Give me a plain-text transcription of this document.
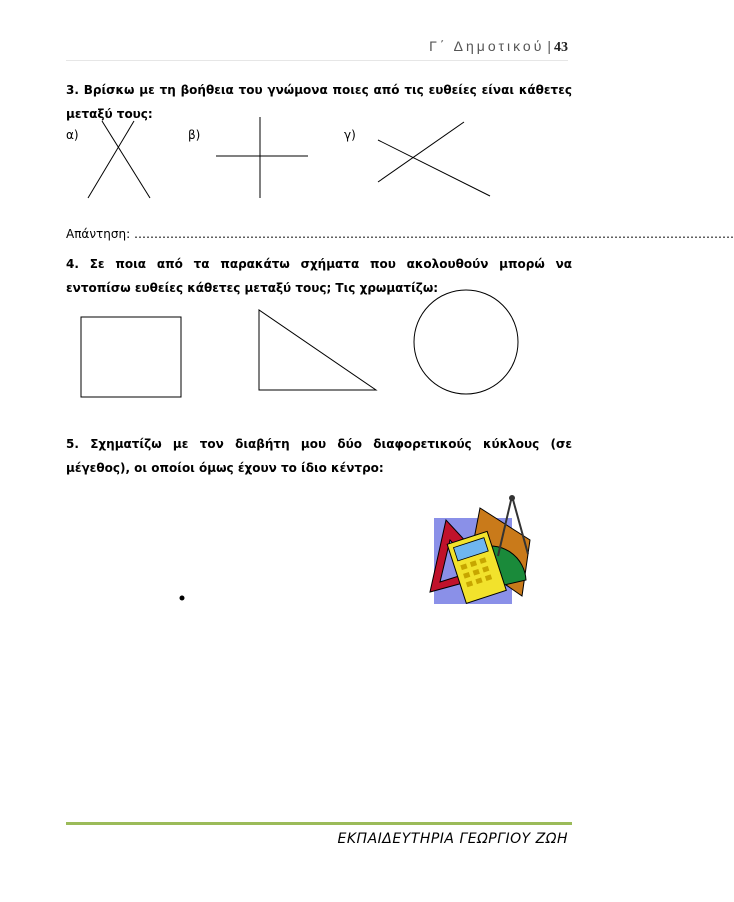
Γ΄ Δημοτικού | 43
3. Βρίσκω με τη βοήθεια του γνώμονα ποιες από τις ευθείες είναι κάθετες μεταξύ τους:
α)	β)	γ)
Απάντηση: ……………………………………………………………………………………………………………………………………
4. Σε ποια από τα παρακάτω σχήματα που ακολουθούν μπορώ να εντοπίσω ευθείες κάθετες μεταξύ τους; Τις χρωματίζω:
5. Σχηματίζω με τον διαβήτη μου δύο διαφορετικούς κύκλους (σε μέγεθος), οι οποίοι όμως έχουν το ίδιο κέντρο:
ΕΚΠΑΙΔΕΥΤΗΡΙΑ ΓΕΩΡΓΙΟΥ ΖΩΗ
